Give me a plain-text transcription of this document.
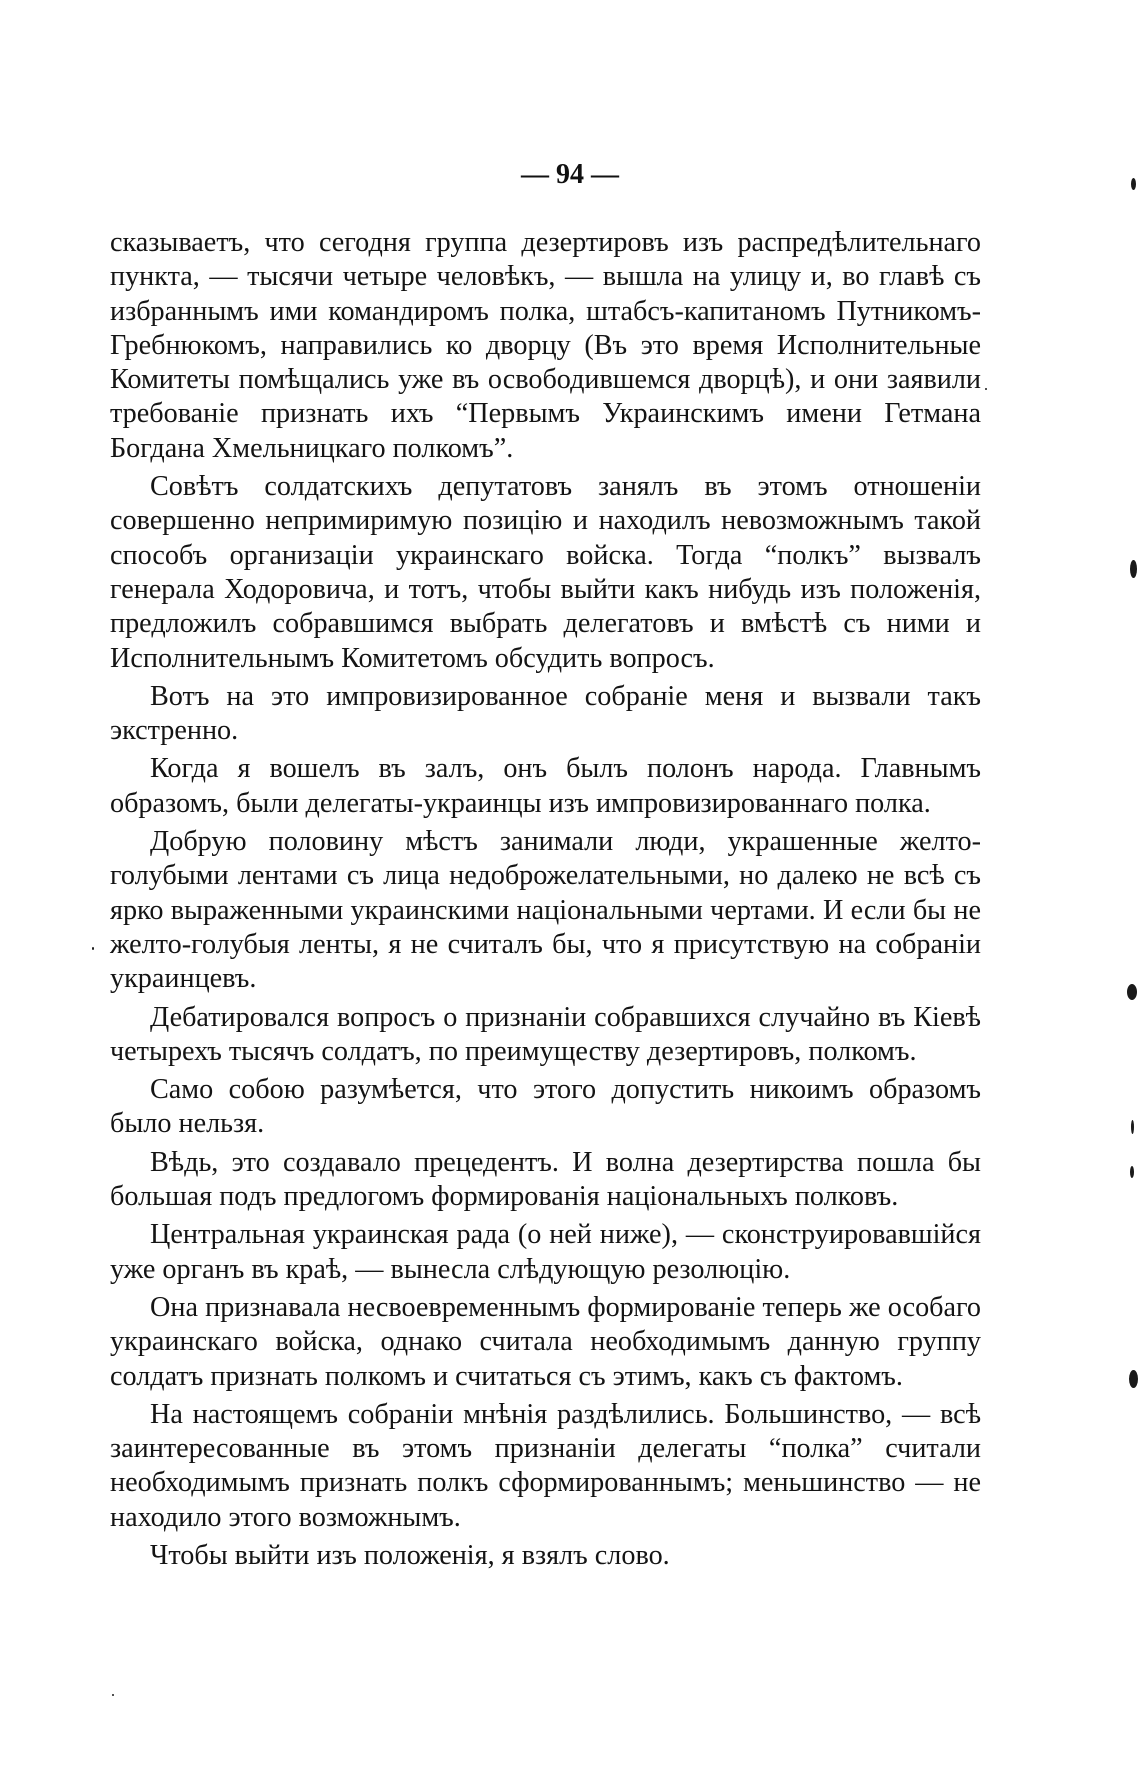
— 94 —

сказываетъ, что сегодня группа дезертировъ изъ распредѣлительнаго пункта, — тысячи четыре человѣкъ, — вышла на улицу и, во главѣ съ избраннымъ ими командиромъ полка, штабсъ-капитаномъ Путникомъ-Гребнюкомъ, направились ко дворцу (Въ это время Исполнительные Комитеты помѣщались уже въ освободившемся дворцѣ), и они заявили требованіе признать ихъ “Первымъ Украинскимъ имени Гетмана Богдана Хмельницкаго полкомъ”.

Совѣтъ солдатскихъ депутатовъ занялъ въ этомъ отношеніи совершенно непримиримую позицію и находилъ невозможнымъ такой способъ организаціи украинскаго войска. Тогда “полкъ” вызвалъ генерала Ходоровича, и тотъ, чтобы выйти какъ нибудь изъ положенія, предложилъ собравшимся выбрать делегатовъ и вмѣстѣ съ ними и Исполнительнымъ Комитетомъ обсудить вопросъ.

Вотъ на это импровизированное собраніе меня и вызвали такъ экстренно.

Когда я вошелъ въ залъ, онъ былъ полонъ народа. Главнымъ образомъ, были делегаты-украинцы изъ импровизированнаго полка.

Добрую половину мѣстъ занимали люди, украшенные желто-голубыми лентами съ лица недоброжелательными, но далеко не всѣ съ ярко выраженными украинскими національными чертами. И если бы не желто-голубыя ленты, я не считалъ бы, что я присутствую на собраніи украинцевъ.

Дебатировался вопросъ о признаніи собравшихся случайно въ Кіевѣ четырехъ тысячъ солдатъ, по преимуществу дезертировъ, полкомъ.

Само собою разумѣется, что этого допустить никоимъ образомъ было нельзя.

Вѣдь, это создавало прецедентъ. И волна дезертирства пошла бы большая подъ предлогомъ формированія національныхъ полковъ.

Центральная украинская рада (о ней ниже), — сконструировавшійся уже органъ въ краѣ, — вынесла слѣдующую резолюцію.

Она признавала несвоевременнымъ формированіе теперь же особаго украинскаго войска, однако считала необходимымъ данную группу солдатъ признать полкомъ и считаться съ этимъ, какъ съ фактомъ.

На настоящемъ собраніи мнѣнія раздѣлились. Большинство, — всѣ заинтересованные въ этомъ признаніи делегаты “полка” считали необходимымъ признать полкъ сформированнымъ; меньшинство — не находило этого возможнымъ.

Чтобы выйти изъ положенія, я взялъ слово.
